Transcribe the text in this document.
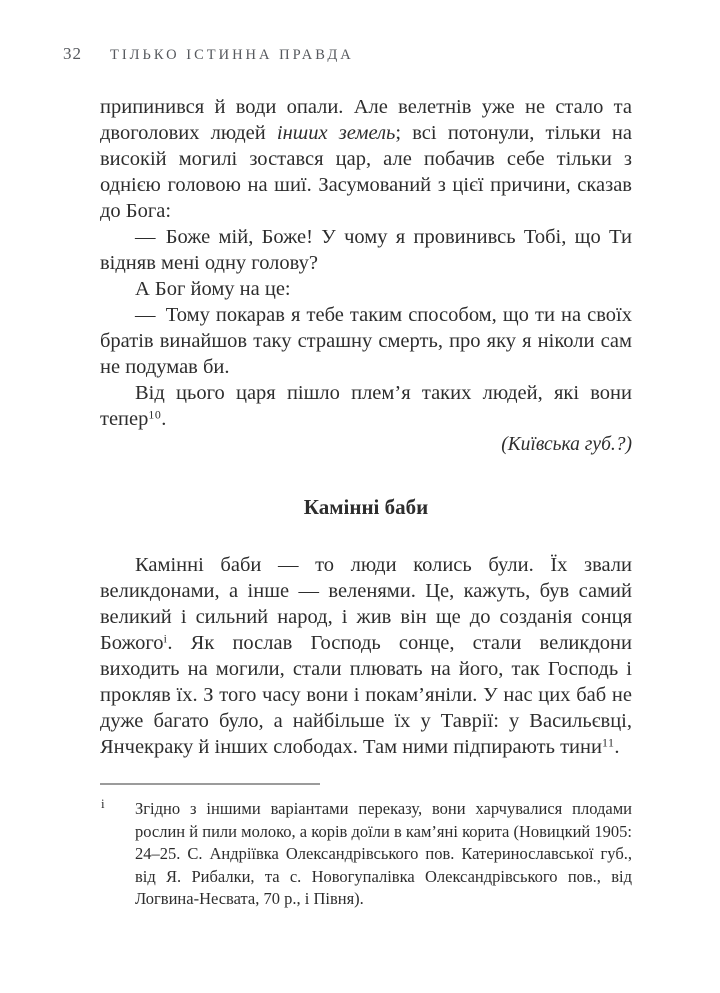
32	ТІЛЬКО ІСТИННА ПРАВДА

припинився й води опали. Але велетнів уже не стало та двоголових людей інших земель; всі потонули, тільки на високій могилі зостався цар, але побачив себе тільки з однією головою на шиї. Засумований з цієї причини, сказав до Бога:

— Боже мій, Боже! У чому я провинивсь Тобі, що Ти відняв мені одну голову?

А Бог йому на це:

— Тому покарав я тебе таким способом, що ти на своїх братів винайшов таку страшну смерть, про яку я ніколи сам не подумав би.

Від цього царя пішло плем’я таких людей, які вони тепер$^{10}$.

(Київська губ.?)
Камінні баби

Камінні баби — то люди колись були. Їх звали великдонами, а інше — веленями. Це, кажуть, був самий великий і сильний народ, і жив він ще до созданія сонця Божого$^i$. Як послав Господь сонце, стали великдони виходить на могили, стали плювать на його, так Господь і прокляв їх. З того часу вони і покам’яніли. У нас цих баб не дуже багато було, а найбільше їх у Таврії: у Васильєвці, Янчекраку й інших слободах. Там ними підпирають тини$^{11}$.

i Згідно з іншими варіантами переказу, вони харчувалися плодами рослин й пили молоко, а корів доїли в кам’яні корита (Новицкий 1905: 24–25. С. Андріївка Олександрівського пов. Катеринославської губ., від Я. Рибалки, та с. Новогупалівка Олександрівського пов., від Логвина-Несвата, 70 р., і Півня).
